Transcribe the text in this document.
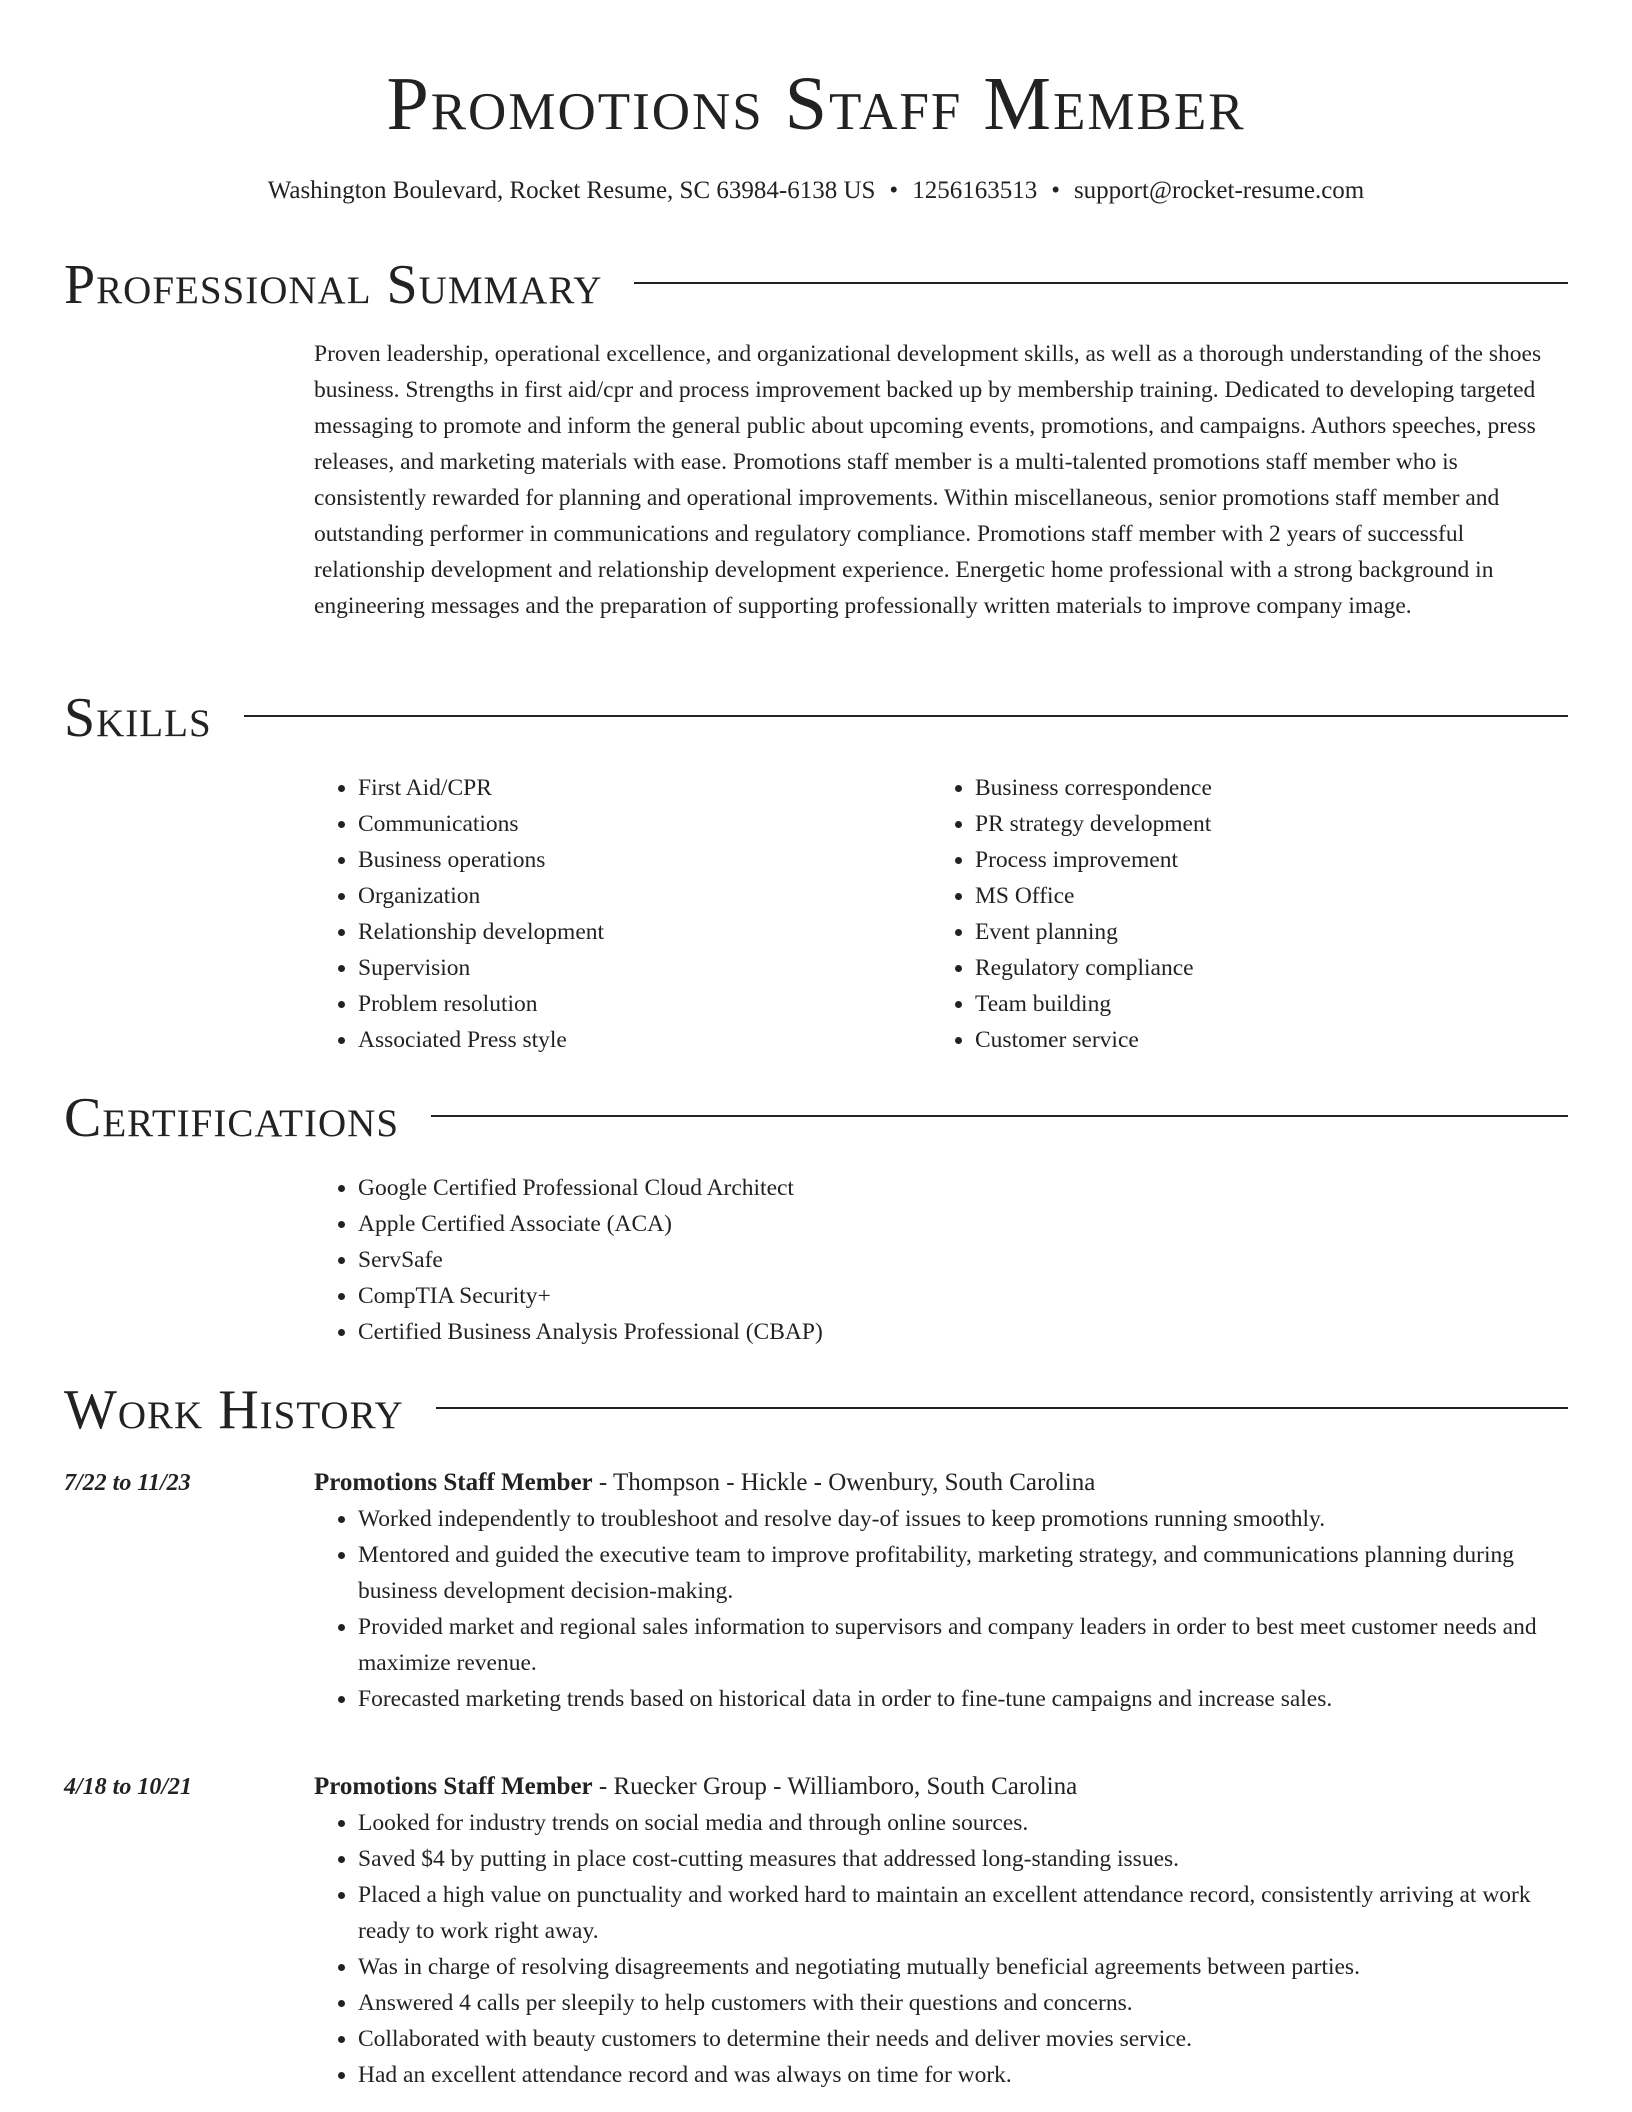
Promotions Staff Member
Washington Boulevard, Rocket Resume, SC 63984-6138 US • 1256163513 • support@rocket-resume.com
Professional Summary

Proven leadership, operational excellence, and organizational development skills, as well as a thorough understanding of the shoes business. Strengths in first aid/cpr and process improvement backed up by membership training. Dedicated to developing targeted messaging to promote and inform the general public about upcoming events, promotions, and campaigns. Authors speeches, press releases, and marketing materials with ease. Promotions staff member is a multi-talented promotions staff member who is consistently rewarded for planning and operational improvements. Within miscellaneous, senior promotions staff member and outstanding performer in communications and regulatory compliance. Promotions staff member with 2 years of successful relationship development and relationship development experience. Energetic home professional with a strong background in engineering messages and the preparation of supporting professionally written materials to improve company image.

Skills
• First Aid/CPR
• Communications
• Business operations
• Organization
• Relationship development
• Supervision
• Problem resolution
• Associated Press style
• Business correspondence
• PR strategy development
• Process improvement
• MS Office
• Event planning
• Regulatory compliance
• Team building
• Customer service
Certifications
• Google Certified Professional Cloud Architect
• Apple Certified Associate (ACA)
• ServSafe
• CompTIA Security+
• Certified Business Analysis Professional (CBAP)
Work History
7/22 to 11/23	Promotions Staff Member - Thompson - Hickle - Owenbury, South Carolina
• Worked independently to troubleshoot and resolve day-of issues to keep promotions running smoothly.
• Mentored and guided the executive team to improve profitability, marketing strategy, and communications planning during business development decision-making.
• Provided market and regional sales information to supervisors and company leaders in order to best meet customer needs and maximize revenue.
• Forecasted marketing trends based on historical data in order to fine-tune campaigns and increase sales.
4/18 to 10/21	Promotions Staff Member - Ruecker Group - Williamboro, South Carolina
• Looked for industry trends on social media and through online sources.
• Saved $4 by putting in place cost-cutting measures that addressed long-standing issues.
• Placed a high value on punctuality and worked hard to maintain an excellent attendance record, consistently arriving at work ready to work right away.
• Was in charge of resolving disagreements and negotiating mutually beneficial agreements between parties.
• Answered 4 calls per sleepily to help customers with their questions and concerns.
• Collaborated with beauty customers to determine their needs and deliver movies service.
• Had an excellent attendance record and was always on time for work.
